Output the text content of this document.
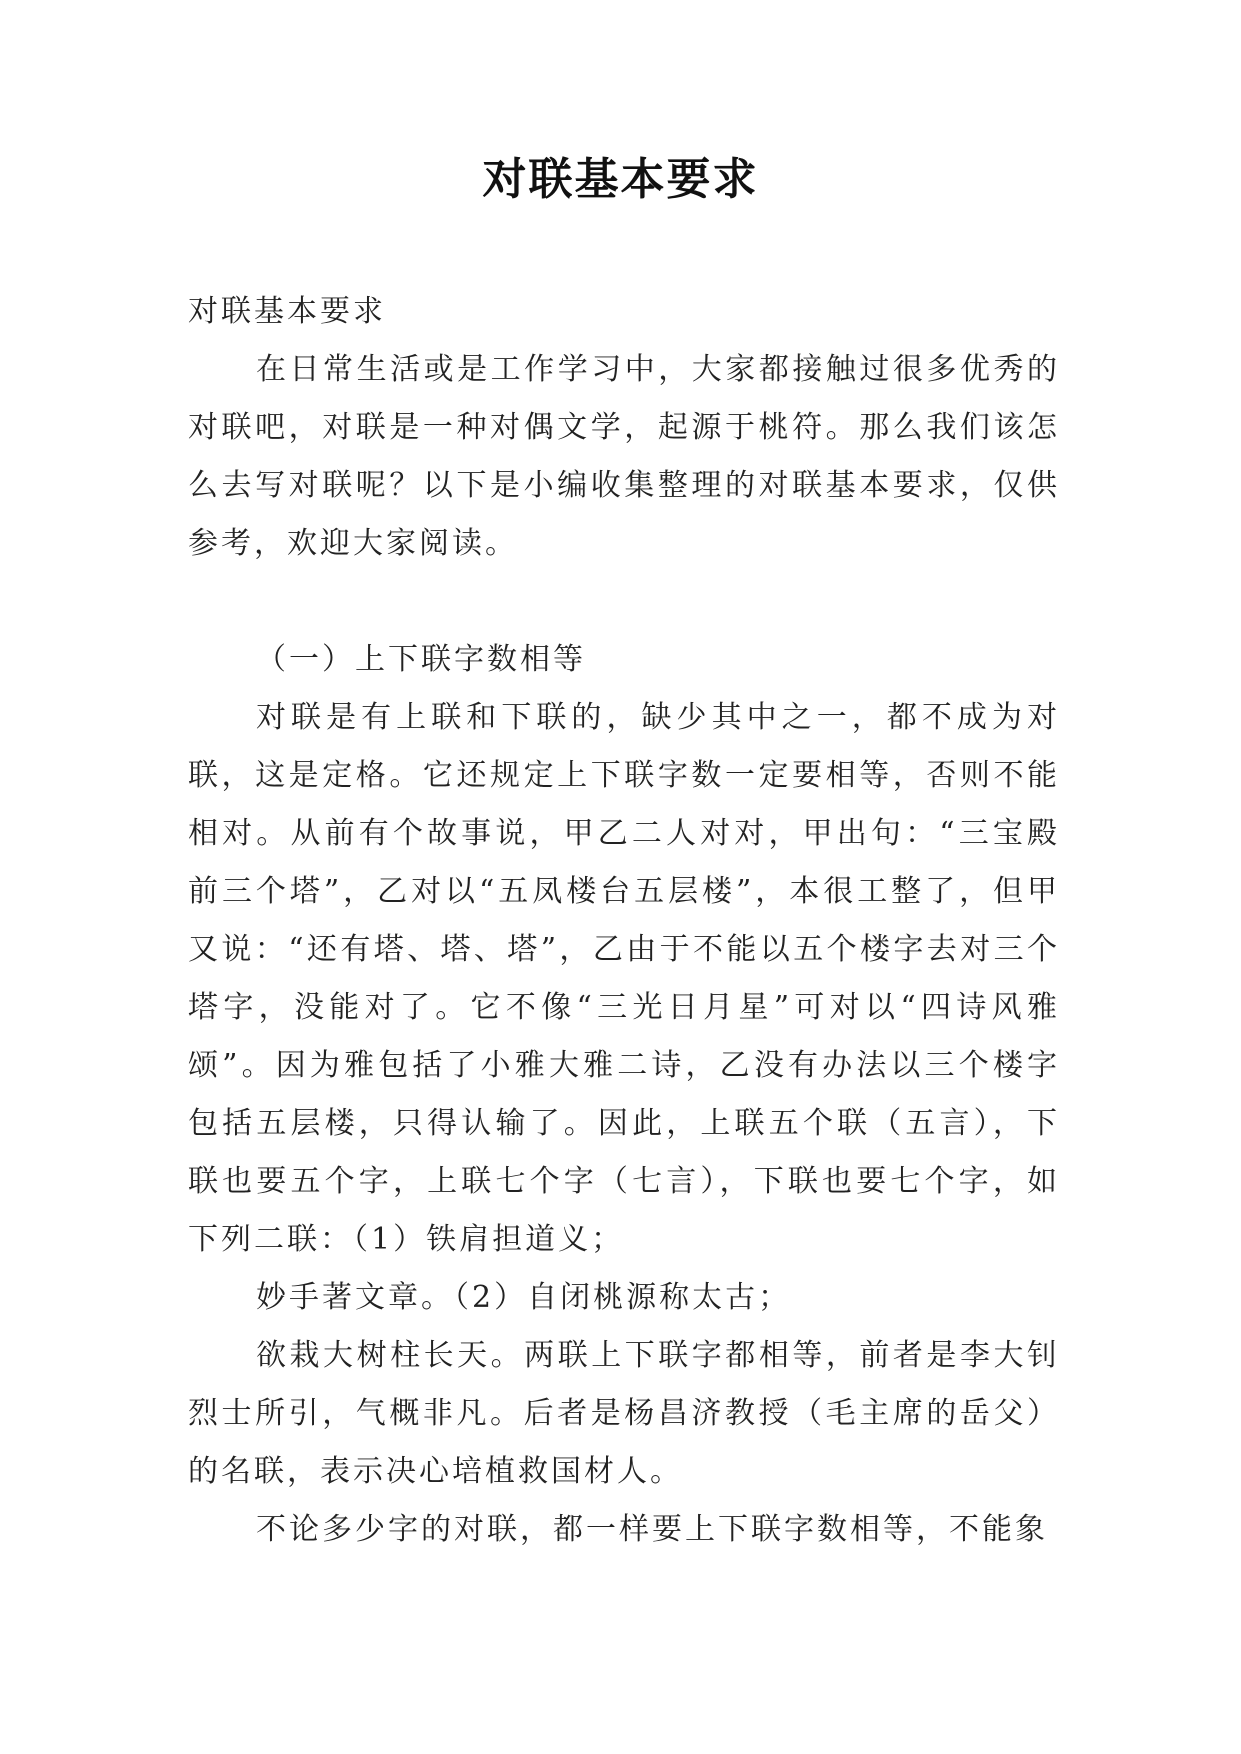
对联基本要求

对联基本要求

在日常生活或是工作学习中，大家都接触过很多优秀的对联吧，对联是一种对偶文学，起源于桃符。那么我们该怎么去写对联呢？以下是小编收集整理的对联基本要求，仅供参考，欢迎大家阅读。

（一）上下联字数相等

对联是有上联和下联的，缺少其中之一，都不成为对联，这是定格。它还规定上下联字数一定要相等，否则不能相对。从前有个故事说，甲乙二人对对，甲出句：“三宝殿前三个塔”，乙对以“五凤楼台五层楼”，本很工整了，但甲又说：“还有塔、塔、塔”，乙由于不能以五个楼字去对三个塔字，没能对了。它不像“三光日月星”可对以“四诗风雅颂”。因为雅包括了小雅大雅二诗，乙没有办法以三个楼字包括五层楼，只得认输了。因此，上联五个联（五言），下联也要五个字，上联七个字（七言），下联也要七个字，如下列二联：（1）铁肩担道义；

妙手著文章。（2）自闭桃源称太古；

欲栽大树柱长天。两联上下联字都相等，前者是李大钊烈士所引，气概非凡。后者是杨昌济教授（毛主席的岳父）的名联，表示决心培植救国材人。

不论多少字的对联，都一样要上下联字数相等，不能象
